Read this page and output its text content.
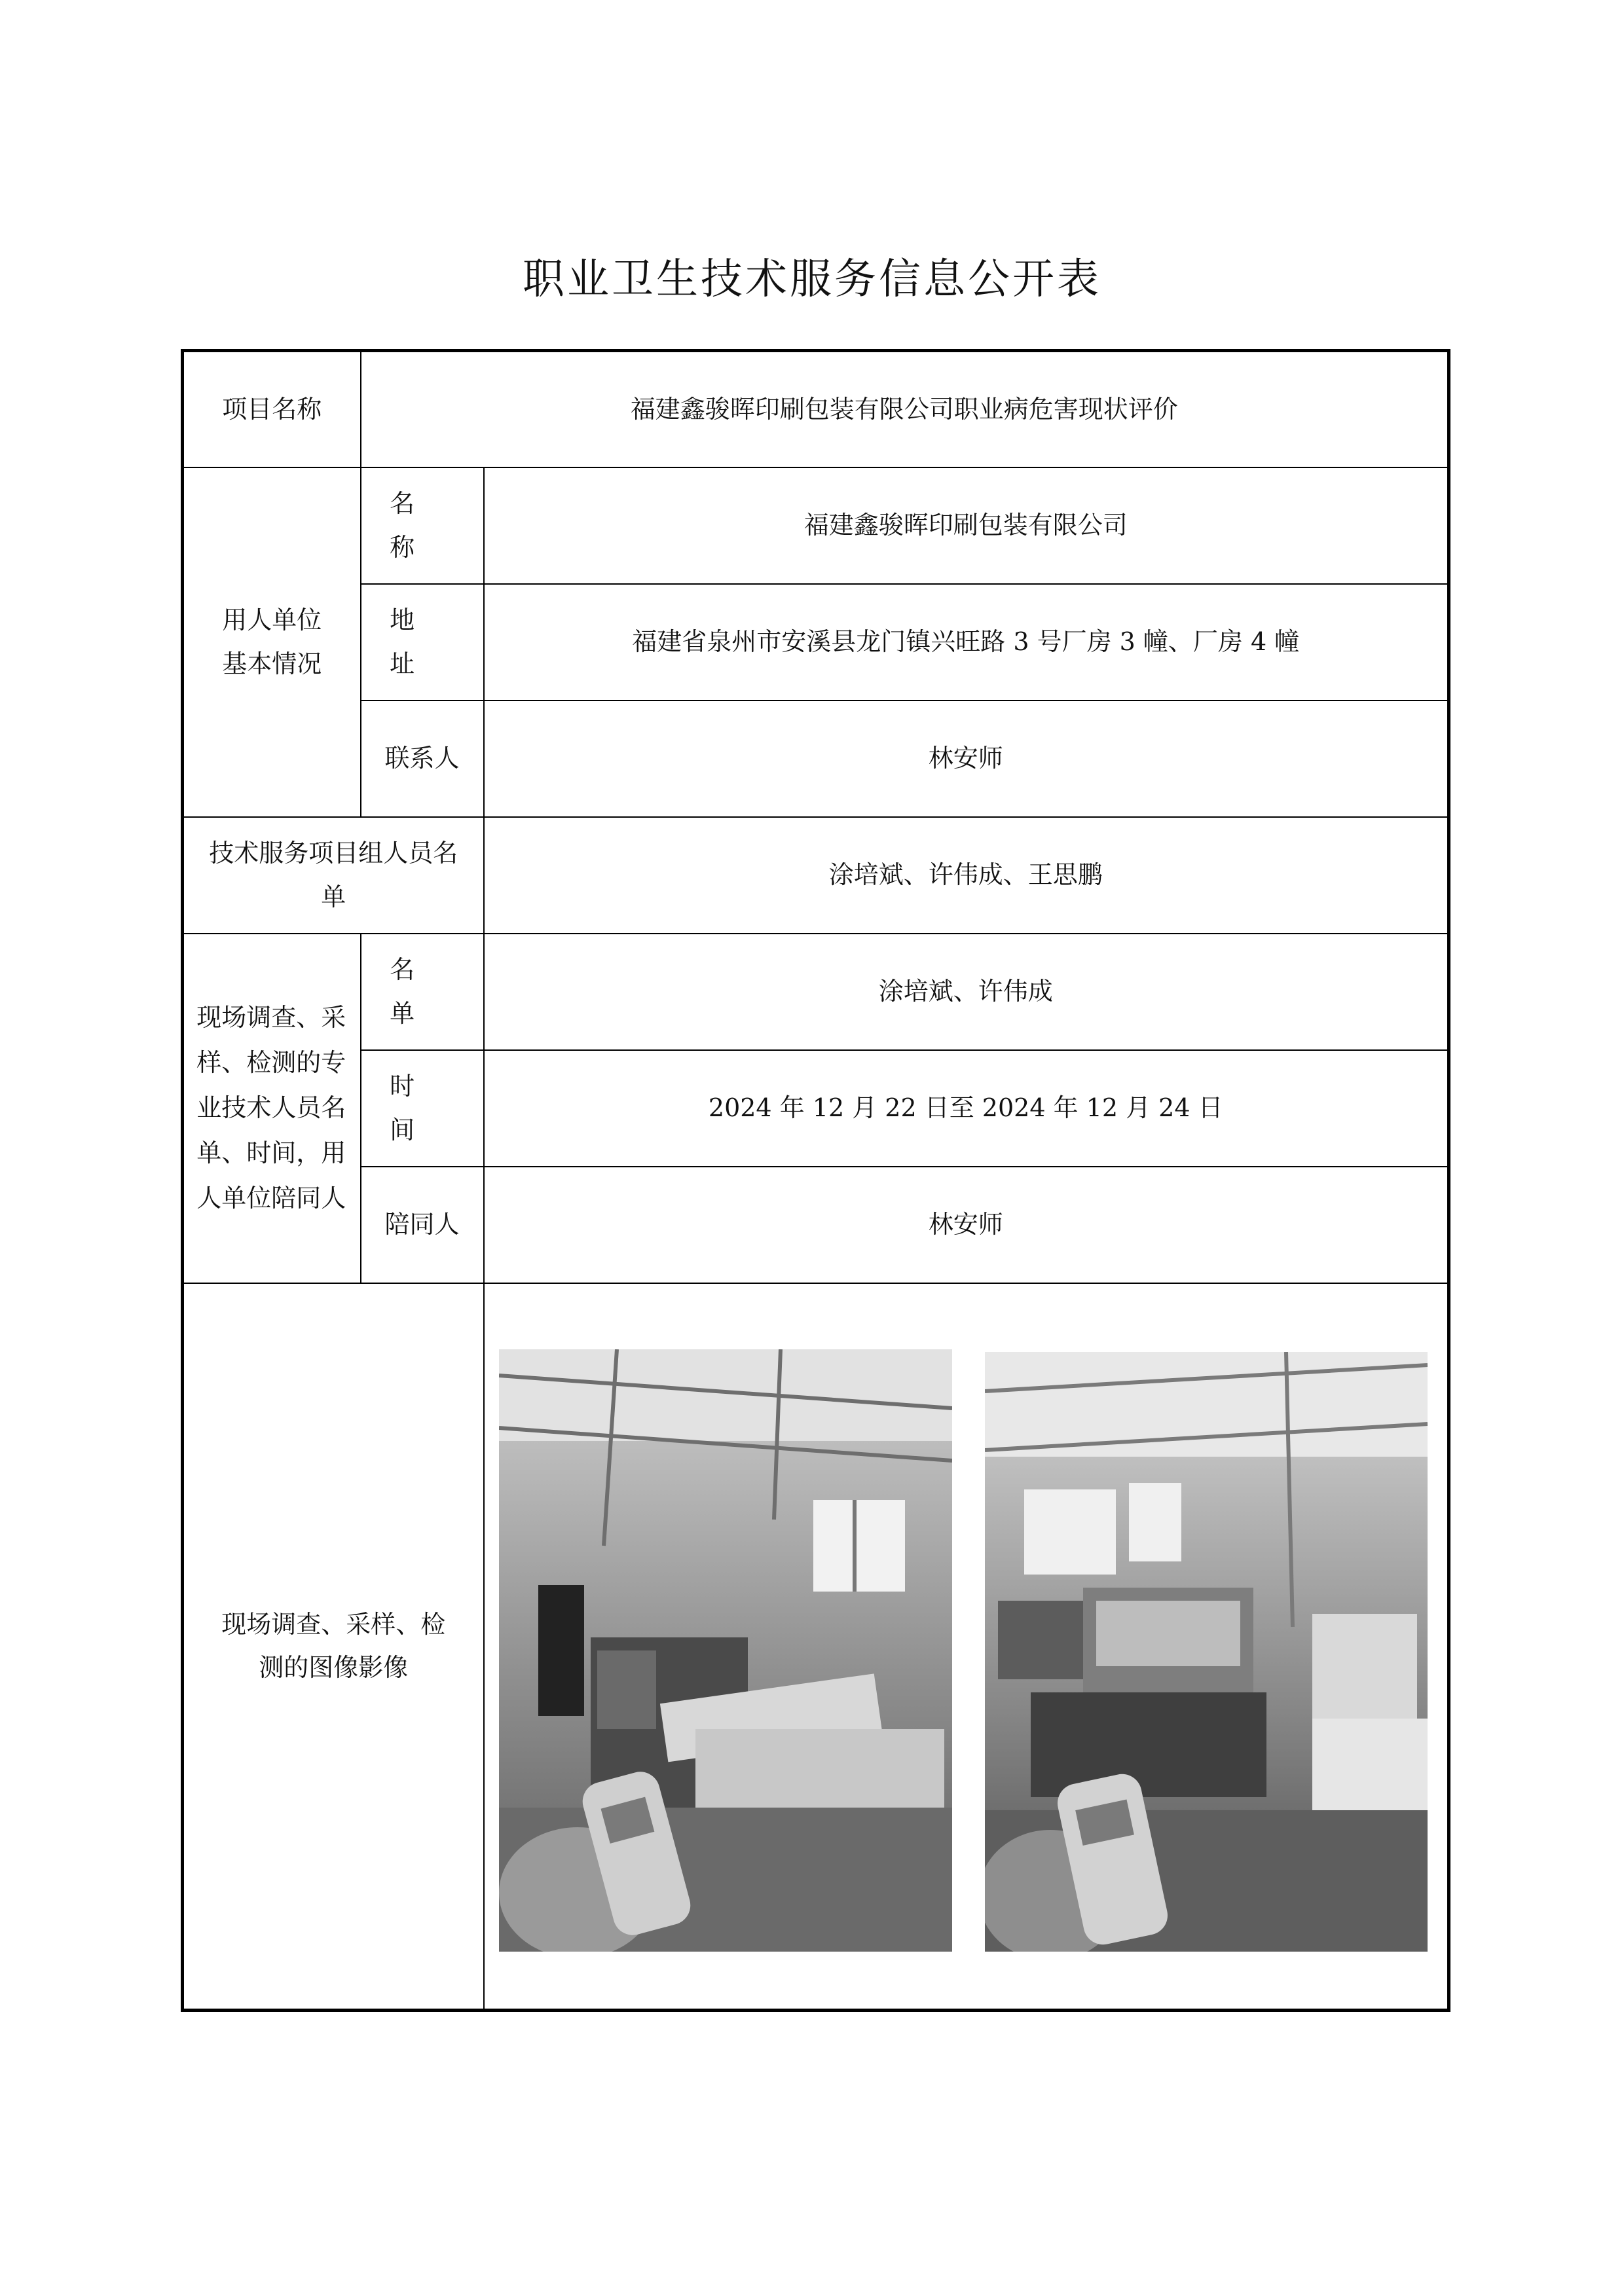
职业卫生技术服务信息公开表
项目名称	福建鑫骏晖印刷包装有限公司职业病危害现状评价	

用人单位基本情况	名 称	福建鑫骏晖印刷包装有限公司
	地 址	福建省泉州市安溪县龙门镇兴旺路 3 号厂房 3 幢、厂房 4 幢
	联系人	林安师

技术服务项目组人员名单		涂培斌、许伟成、王思鹏

现场调查、采样、检测的专业技术人员名单、时间，用人单位陪同人	名 单	涂培斌、许伟成
	时 间	2024 年 12 月 22 日至 2024 年 12 月 24 日
	陪同人	林安师

现场调查、采样、检测的图像影像
